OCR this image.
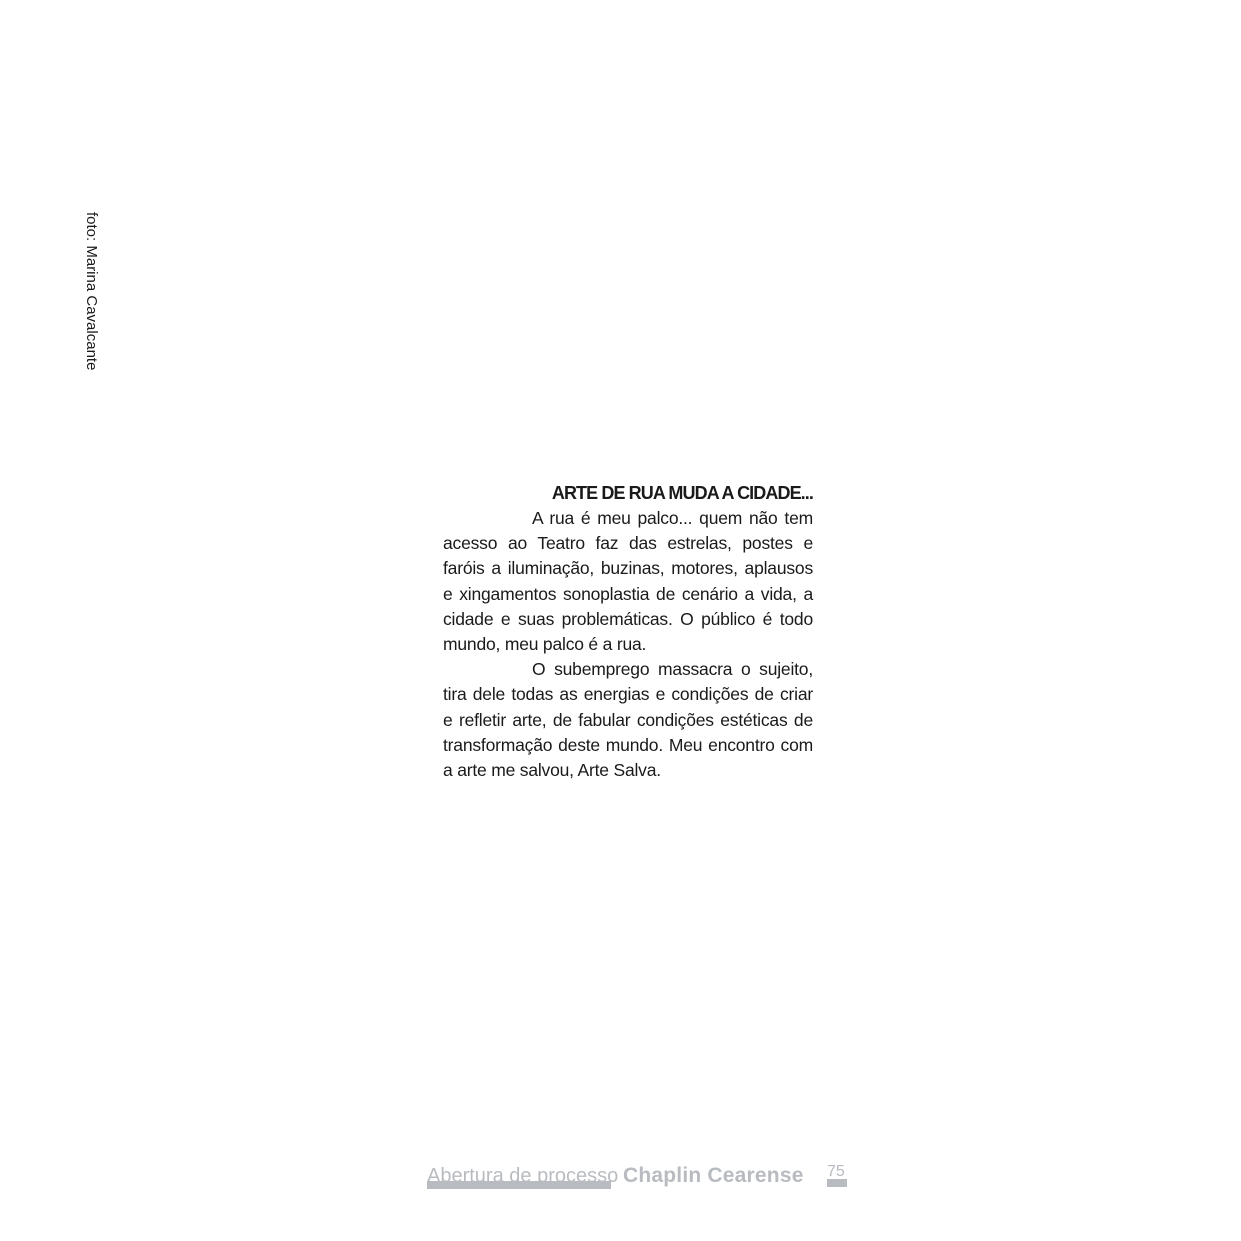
foto: Marina Cavalcante
ARTE DE RUA MUDA A CIDADE...

A rua é meu palco... quem não tem acesso ao Teatro faz das estrelas, postes e faróis a iluminação, buzinas, motores, aplausos e xingamentos sonoplastia de cenário a vida, a cidade e suas problemáticas. O público é todo mundo, meu palco é a rua.

O subemprego massacra o sujeito, tira dele todas as energias e condições de criar e refletir arte, de fabular condições estéticas de transformação deste mundo. Meu encontro com a arte me salvou, Arte Salva.

Abertura de processo Chaplin Cearense 75
